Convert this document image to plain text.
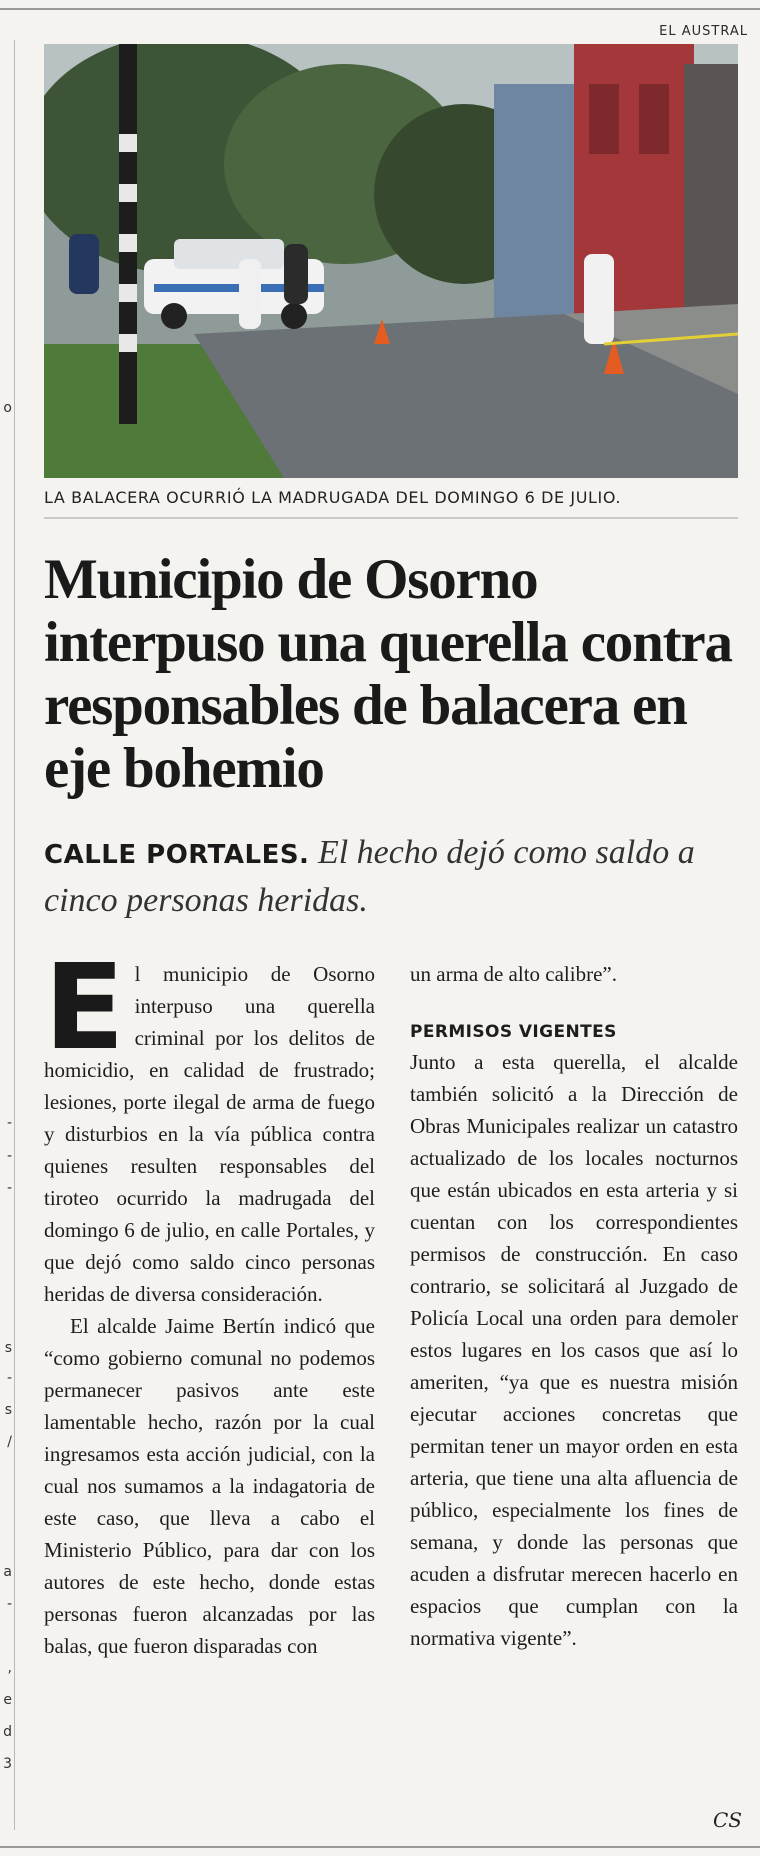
EL AUSTRAL
o
-
-
-
s
-
s
/
a
-
,
e
d
3
LA BALACERA OCURRIÓ LA MADRUGADA DEL DOMINGO 6 DE JULIO.
Municipio de Osorno interpuso una querella contra responsables de balacera en eje bohemio

CALLE PORTALES. El hecho dejó como saldo a cinco personas heridas.

El municipio de Osorno interpuso una querella criminal por los delitos de homicidio, en calidad de frustrado; lesiones, porte ilegal de arma de fuego y disturbios en la vía pública contra quienes resulten responsables del tiroteo ocurrido la madrugada del domingo 6 de julio, en calle Portales, y que dejó como saldo cinco personas heridas de diversa consideración.

El alcalde Jaime Bertín indicó que “como gobierno comunal no podemos permanecer pasivos ante este lamentable hecho, razón por la cual ingresamos esta acción judicial, con la cual nos sumamos a la indagatoria de este caso, que lleva a cabo el Ministerio Público, para dar con los autores de este hecho, donde estas personas fueron alcanzadas por las balas, que fueron disparadas con

un arma de alto calibre”.

PERMISOS VIGENTES

Junto a esta querella, el alcalde también solicitó a la Dirección de Obras Municipales realizar un catastro actualizado de los locales nocturnos que están ubicados en esta arteria y si cuentan con los correspondientes permisos de construcción. En caso contrario, se solicitará al Juzgado de Policía Local una orden para demoler estos lugares en los casos que así lo ameriten, “ya que es nuestra misión ejecutar acciones concretas que permitan tener un mayor orden en esta arteria, que tiene una alta afluencia de público, especialmente los fines de semana, y donde las personas que acuden a disfrutar merecen hacerlo en espacios que cumplan con la normativa vigente”.

CS
